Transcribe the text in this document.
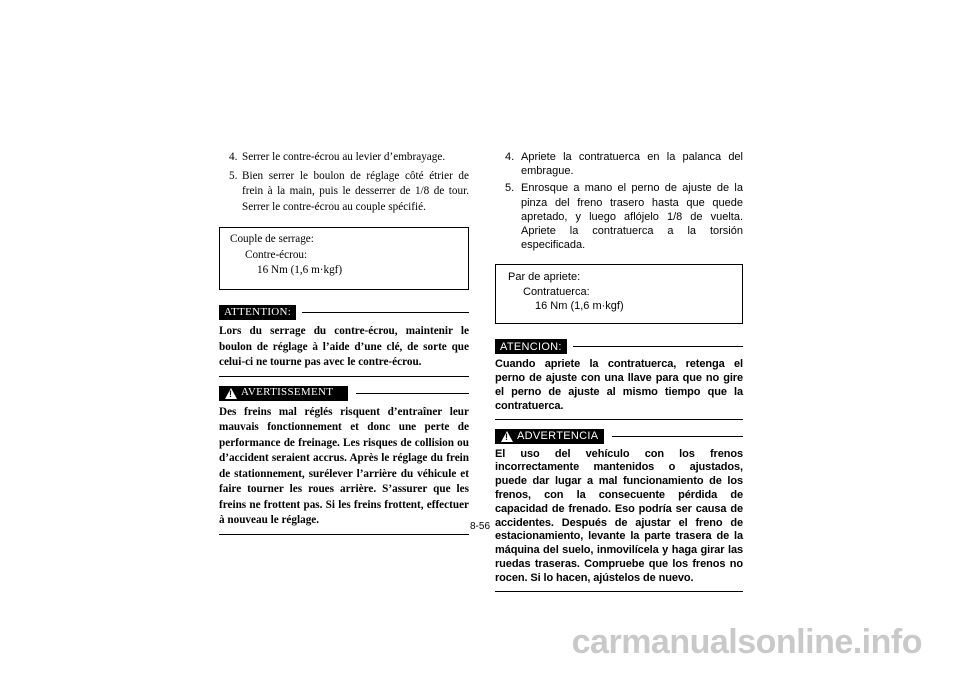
4. Serrer le contre-écrou au levier d’embrayage.
5. Bien serrer le boulon de réglage côté étrier de frein à la main, puis le desserrer de 1/8 de tour. Serrer le contre-écrou au couple spécifié.
Couple de serrage:
Contre-écrou:
16 Nm (1,6 m·kgf)
ATTENTION:
Lors du serrage du contre-écrou, maintenir le boulon de réglage à l’aide d’une clé, de sorte que celui-ci ne tourne pas avec le contre-écrou.
!
AVERTISSEMENT
Des freins mal réglés risquent d’entraîner leur mauvais fonctionnement et donc une perte de performance de freinage. Les risques de collision ou d’accident seraient accrus. Après le réglage du frein de stationnement, surélever l’arrière du véhicule et faire tourner les roues arrière. S’assurer que les freins ne frottent pas. Si les freins frottent, effectuer à nouveau le réglage.
4. Apriete la contratuerca en la palanca del embrague.
5. Enrosque a mano el perno de ajuste de la pinza del freno trasero hasta que quede apretado, y luego aflójelo 1/8 de vuelta. Apriete la contratuerca a la torsión especificada.
Par de apriete:
Contratuerca:
16 Nm (1,6 m·kgf)
ATENCION:
Cuando apriete la contratuerca, retenga el perno de ajuste con una llave para que no gire el perno de ajuste al mismo tiempo que la contratuerca.
!
ADVERTENCIA
El uso del vehículo con los frenos incorrectamente mantenidos o ajustados, puede dar lugar a mal funcionamiento de los frenos, con la consecuente pérdida de capacidad de frenado. Eso podría ser causa de accidentes. Después de ajustar el freno de estacionamiento, levante la parte trasera de la máquina del suelo, inmovilícela y haga girar las ruedas traseras. Compruebe que los frenos no rocen. Si lo hacen, ajústelos de nuevo.
8-56
carmanualsonline.info
